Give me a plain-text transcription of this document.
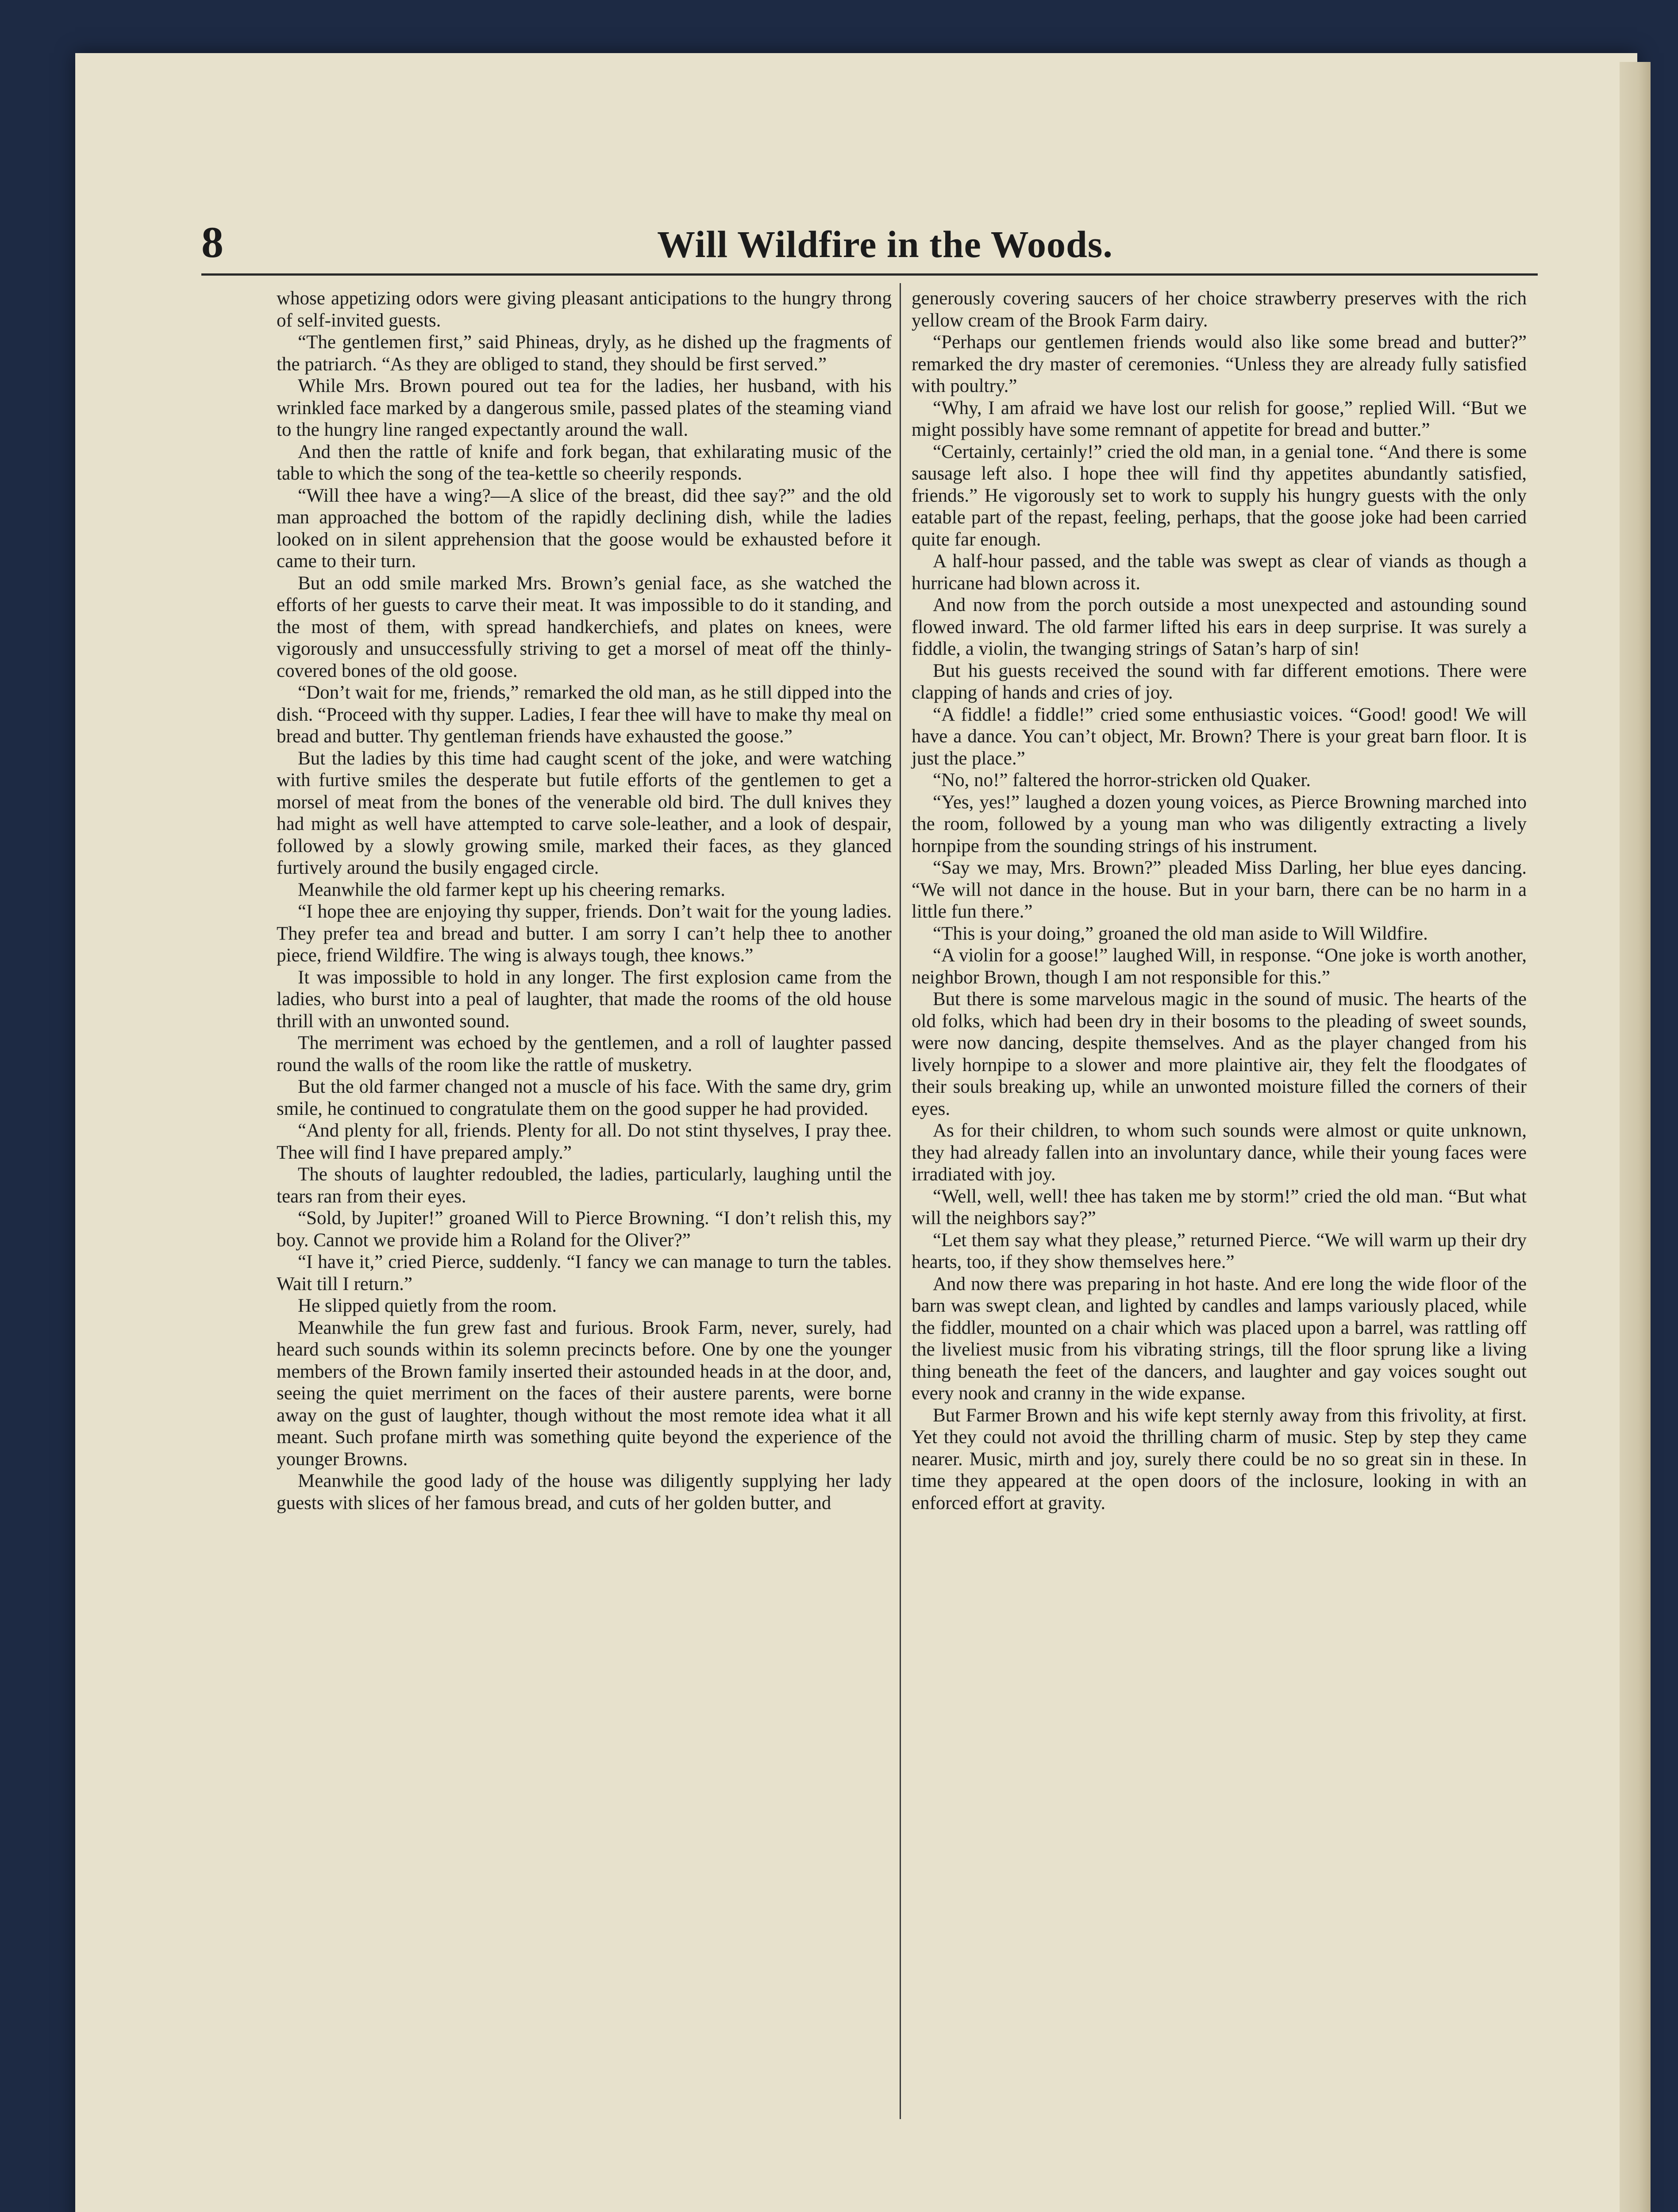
8	Will Wildfire in the Woods.

whose appetizing odors were giving pleasant anticipations to the hungry throng of self-invited guests.

“The gentlemen first,” said Phineas, dryly, as he dished up the fragments of the patriarch. “As they are obliged to stand, they should be first served.”

While Mrs. Brown poured out tea for the ladies, her husband, with his wrinkled face marked by a dangerous smile, passed plates of the steaming viand to the hungry line ranged expectantly around the wall.

And then the rattle of knife and fork began, that exhilarating music of the table to which the song of the tea-kettle so cheerily responds.

“Will thee have a wing?—A slice of the breast, did thee say?” and the old man approached the bottom of the rapidly declining dish, while the ladies looked on in silent apprehension that the goose would be exhausted before it came to their turn.

But an odd smile marked Mrs. Brown’s genial face, as she watched the efforts of her guests to carve their meat. It was impossible to do it standing, and the most of them, with spread handkerchiefs, and plates on knees, were vigorously and unsuccessfully striving to get a morsel of meat off the thinly-covered bones of the old goose.

“Don’t wait for me, friends,” remarked the old man, as he still dipped into the dish. “Proceed with thy supper. Ladies, I fear thee will have to make thy meal on bread and butter. Thy gentleman friends have exhausted the goose.”

But the ladies by this time had caught scent of the joke, and were watching with furtive smiles the desperate but futile efforts of the gentlemen to get a morsel of meat from the bones of the venerable old bird. The dull knives they had might as well have attempted to carve sole-leather, and a look of despair, followed by a slowly growing smile, marked their faces, as they glanced furtively around the busily engaged circle.

Meanwhile the old farmer kept up his cheering remarks.

“I hope thee are enjoying thy supper, friends. Don’t wait for the young ladies. They prefer tea and bread and butter. I am sorry I can’t help thee to another piece, friend Wildfire. The wing is always tough, thee knows.”

It was impossible to hold in any longer. The first explosion came from the ladies, who burst into a peal of laughter, that made the rooms of the old house thrill with an unwonted sound.

The merriment was echoed by the gentlemen, and a roll of laughter passed round the walls of the room like the rattle of musketry.

But the old farmer changed not a muscle of his face. With the same dry, grim smile, he continued to congratulate them on the good supper he had provided.

“And plenty for all, friends. Plenty for all. Do not stint thyselves, I pray thee. Thee will find I have prepared amply.”

The shouts of laughter redoubled, the ladies, particularly, laughing until the tears ran from their eyes.

“Sold, by Jupiter!” groaned Will to Pierce Browning. “I don’t relish this, my boy. Cannot we provide him a Roland for the Oliver?”

“I have it,” cried Pierce, suddenly. “I fancy we can manage to turn the tables. Wait till I return.”

He slipped quietly from the room.

Meanwhile the fun grew fast and furious. Brook Farm, never, surely, had heard such sounds within its solemn precincts before. One by one the younger members of the Brown family inserted their astounded heads in at the door, and, seeing the quiet merriment on the faces of their austere parents, were borne away on the gust of laughter, though without the most remote idea what it all meant. Such profane mirth was something quite beyond the experience of the younger Browns.

Meanwhile the good lady of the house was diligently supplying her lady guests with slices of her famous bread, and cuts of her golden butter, and

generously covering saucers of her choice strawberry preserves with the rich yellow cream of the Brook Farm dairy.

“Perhaps our gentlemen friends would also like some bread and butter?” remarked the dry master of ceremonies. “Unless they are already fully satisfied with poultry.”

“Why, I am afraid we have lost our relish for goose,” replied Will. “But we might possibly have some remnant of appetite for bread and butter.”

“Certainly, certainly!” cried the old man, in a genial tone. “And there is some sausage left also. I hope thee will find thy appetites abundantly satisfied, friends.” He vigorously set to work to supply his hungry guests with the only eatable part of the repast, feeling, perhaps, that the goose joke had been carried quite far enough.

A half-hour passed, and the table was swept as clear of viands as though a hurricane had blown across it.

And now from the porch outside a most unexpected and astounding sound flowed inward. The old farmer lifted his ears in deep surprise. It was surely a fiddle, a violin, the twanging strings of Satan’s harp of sin!

But his guests received the sound with far different emotions. There were clapping of hands and cries of joy.

“A fiddle! a fiddle!” cried some enthusiastic voices. “Good! good! We will have a dance. You can’t object, Mr. Brown? There is your great barn floor. It is just the place.”

“No, no!” faltered the horror-stricken old Quaker.

“Yes, yes!” laughed a dozen young voices, as Pierce Browning marched into the room, followed by a young man who was diligently extracting a lively hornpipe from the sounding strings of his instrument.

“Say we may, Mrs. Brown?” pleaded Miss Darling, her blue eyes dancing. “We will not dance in the house. But in your barn, there can be no harm in a little fun there.”

“This is your doing,” groaned the old man aside to Will Wildfire.

“A violin for a goose!” laughed Will, in response. “One joke is worth another, neighbor Brown, though I am not responsible for this.”

But there is some marvelous magic in the sound of music. The hearts of the old folks, which had been dry in their bosoms to the pleading of sweet sounds, were now dancing, despite themselves. And as the player changed from his lively hornpipe to a slower and more plaintive air, they felt the floodgates of their souls breaking up, while an unwonted moisture filled the corners of their eyes.

As for their children, to whom such sounds were almost or quite unknown, they had already fallen into an involuntary dance, while their young faces were irradiated with joy.

“Well, well, well! thee has taken me by storm!” cried the old man. “But what will the neighbors say?”

“Let them say what they please,” returned Pierce. “We will warm up their dry hearts, too, if they show themselves here.”

And now there was preparing in hot haste. And ere long the wide floor of the barn was swept clean, and lighted by candles and lamps variously placed, while the fiddler, mounted on a chair which was placed upon a barrel, was rattling off the liveliest music from his vibrating strings, till the floor sprung like a living thing beneath the feet of the dancers, and laughter and gay voices sought out every nook and cranny in the wide expanse.

But Farmer Brown and his wife kept sternly away from this frivolity, at first. Yet they could not avoid the thrilling charm of music. Step by step they came nearer. Music, mirth and joy, surely there could be no so great sin in these. In time they appeared at the open doors of the inclosure, looking in with an enforced effort at gravity.
